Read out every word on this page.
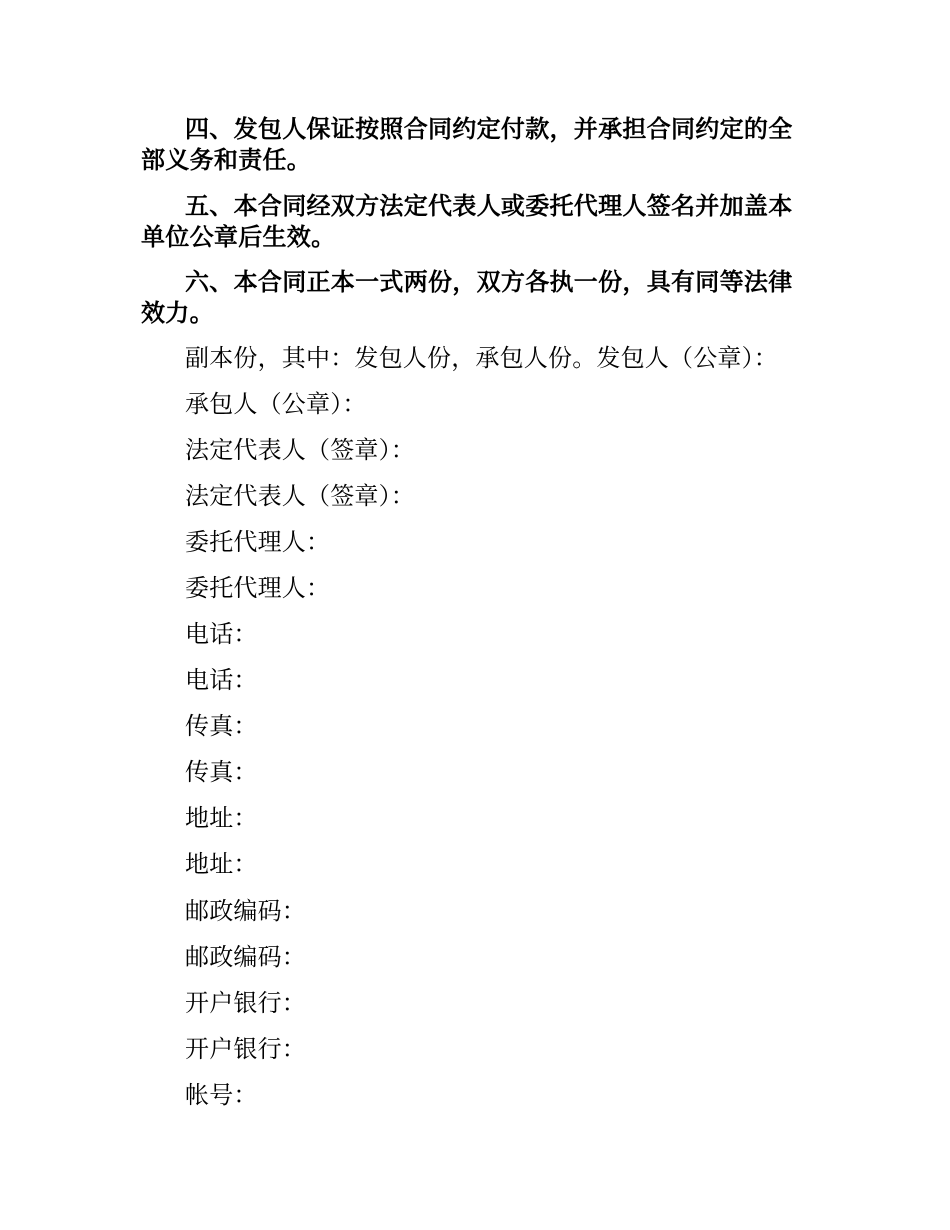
四、发包人保证按照合同约定付款，并承担合同约定的全部义务和责任。

五、本合同经双方法定代表人或委托代理人签名并加盖本单位公章后生效。

六、本合同正本一式两份，双方各执一份，具有同等法律效力。

副本份，其中：发包人份，承包人份。发包人（公章）：

承包人（公章）：

法定代表人（签章）：

法定代表人（签章）：

委托代理人：

委托代理人：

电话：

电话：

传真：

传真：

地址：

地址：

邮政编码：

邮政编码：

开户银行：

开户银行：

帐号：
